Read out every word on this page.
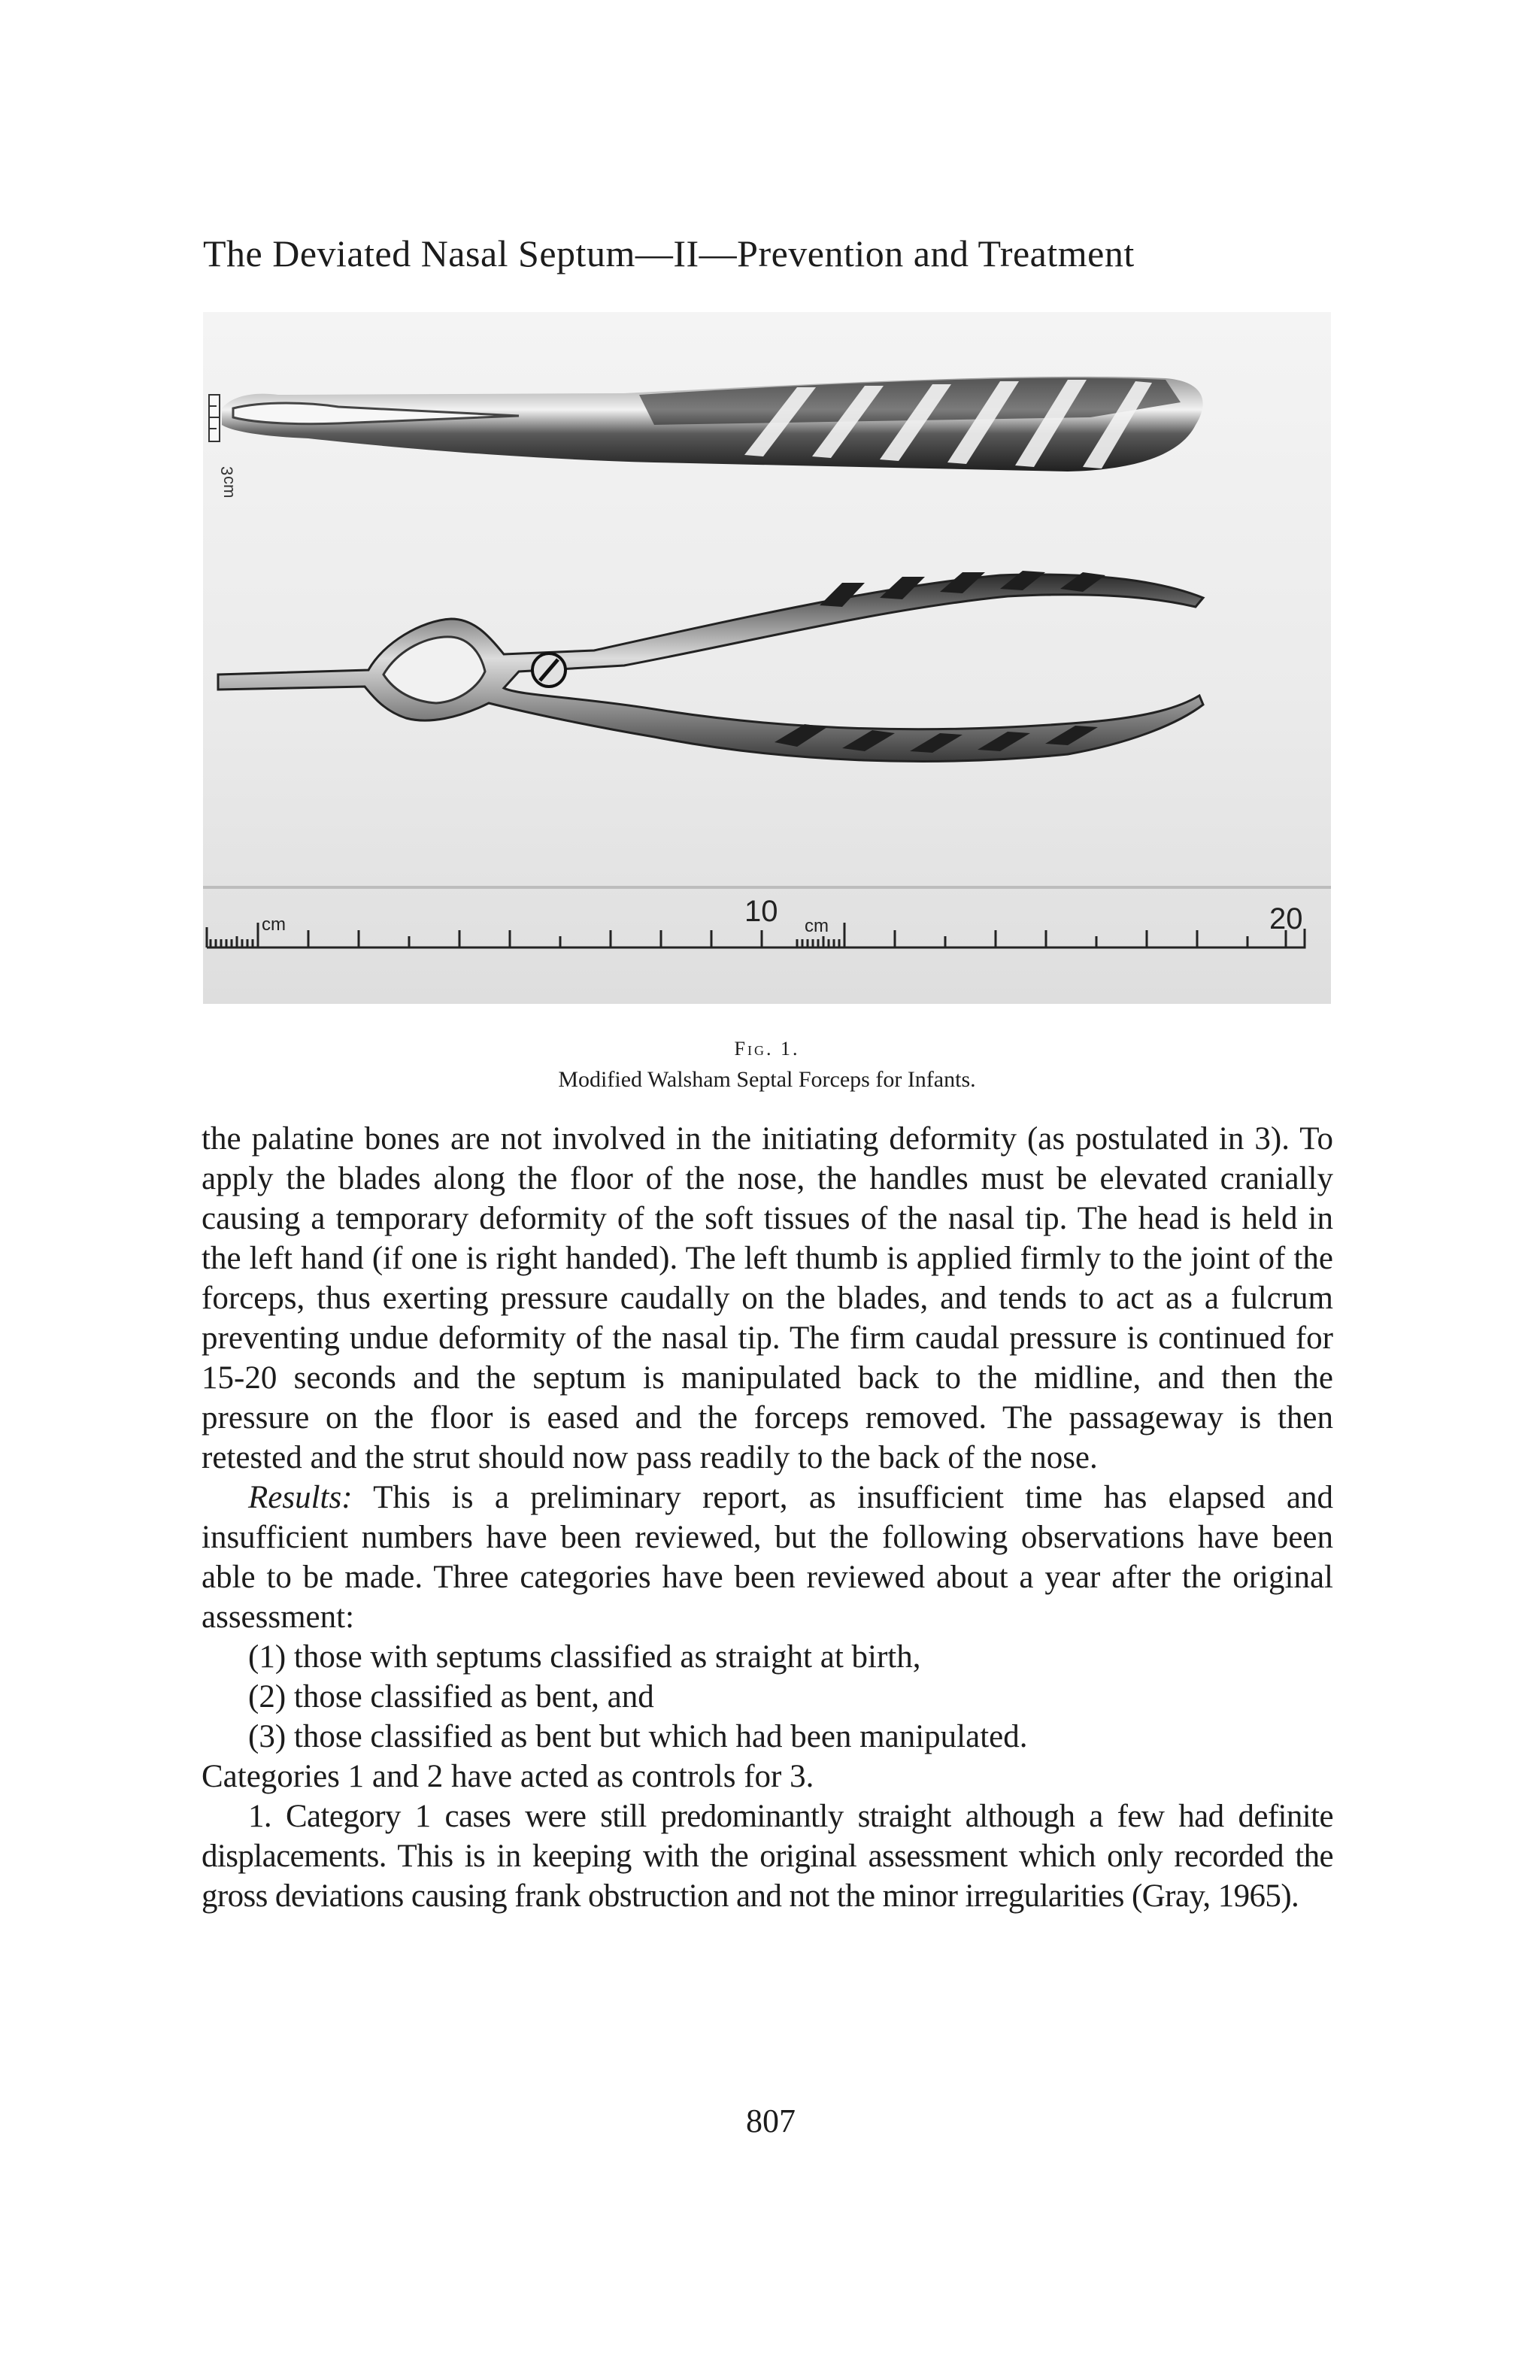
The Deviated Nasal Septum—II—Prevention and Treatment
3
cm
cm	10 cm	20
Fig. 1.
Modified Walsham Septal Forceps for Infants.

the palatine bones are not involved in the initiating deformity (as postulated in 3). To apply the blades along the floor of the nose, the handles must be elevated cranially causing a temporary deformity of the soft tissues of the nasal tip. The head is held in the left hand (if one is right handed). The left thumb is applied firmly to the joint of the forceps, thus exerting pressure caudally on the blades, and tends to act as a fulcrum preventing undue deformity of the nasal tip. The firm caudal pressure is continued for 15-20 seconds and the septum is manipulated back to the midline, and then the pressure on the floor is eased and the forceps removed. The passageway is then retested and the strut should now pass readily to the back of the nose.

Results: This is a preliminary report, as insufficient time has elapsed and insufficient numbers have been reviewed, but the following observations have been able to be made. Three categories have been reviewed about a year after the original assessment:

(1) those with septums classified as straight at birth,

(2) those classified as bent, and

(3) those classified as bent but which had been manipulated.

Categories 1 and 2 have acted as controls for 3.

1. Category 1 cases were still predominantly straight although a few had definite displacements. This is in keeping with the original assessment which only recorded the gross deviations causing frank obstruction and not the minor irregularities (Gray, 1965).

807
